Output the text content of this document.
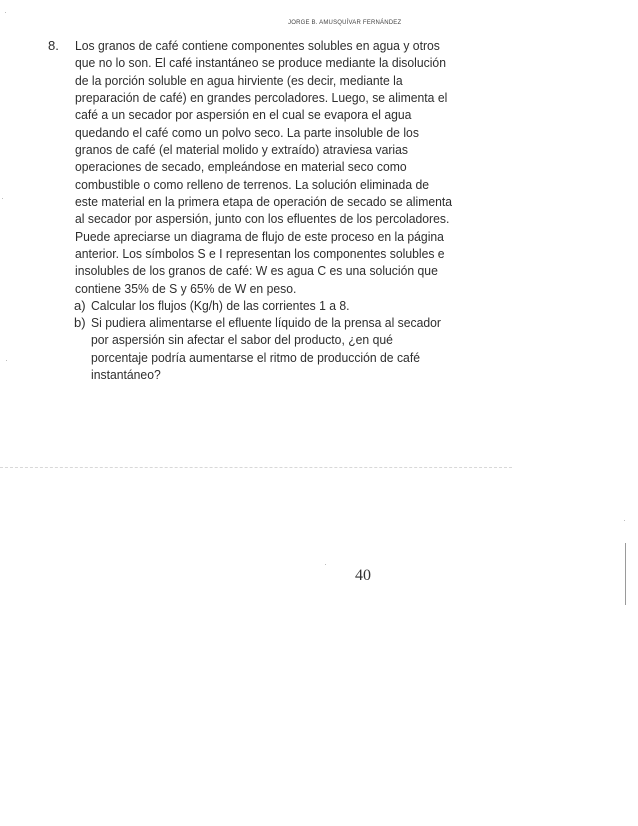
JORGE B. AMUSQUÍVAR FERNÁNDEZ
8. Los granos de café contiene componentes solubles en agua y otros
que no lo son. El café instantáneo se produce mediante la disolución
de la porción soluble en agua hirviente (es decir, mediante la
preparación de café) en grandes percoladores. Luego, se alimenta el
café a un secador por aspersión en el cual se evapora el agua
quedando el café como un polvo seco. La parte insoluble de los
granos de café (el material molido y extraído) atraviesa varias
operaciones de secado, empleándose en material seco como
combustible o como relleno de terrenos. La solución eliminada de
este material en la primera etapa de operación de secado se alimenta
al secador por aspersión, junto con los efluentes de los percoladores.
Puede apreciarse un diagrama de flujo de este proceso en la página
anterior. Los símbolos S e I representan los componentes solubles e
insolubles de los granos de café: W es agua C es una solución que
contiene 35% de S y 65% de W en peso.
a) Calcular los flujos (Kg/h) de las corrientes 1 a 8.
b) Si pudiera alimentarse el efluente líquido de la prensa al secador
por aspersión sin afectar el sabor del producto, ¿en qué
porcentaje podría aumentarse el ritmo de producción de café
instantáneo?
40
